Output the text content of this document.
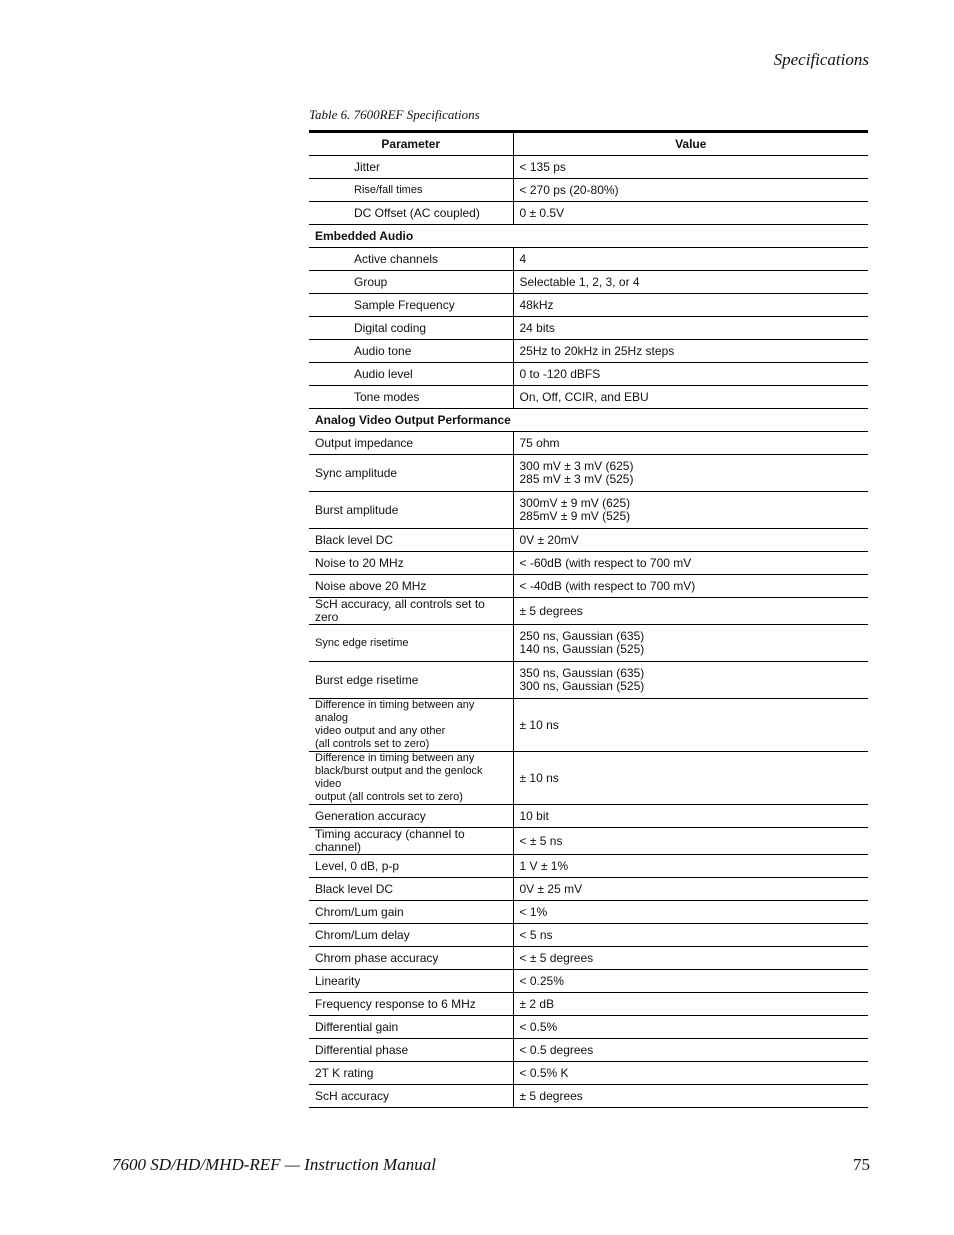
Specifications
Table 6. 7600REF Specifications
Parameter	Value
Jitter	< 135 ps
Rise/fall times	< 270 ps (20-80%)
DC Offset (AC coupled)	0 ± 0.5V
Embedded Audio	
Active channels	4
Group	Selectable 1, 2, 3, or 4
Sample Frequency	48kHz
Digital coding	24 bits
Audio tone	25Hz to 20kHz in 25Hz steps
Audio level	0 to -120 dBFS
Tone modes	On, Off, CCIR, and EBU
Analog Video Output Performance	
Output impedance	75 ohm
Sync amplitude	300 mV ± 3 mV (625)
285 mV ± 3 mV (525)

Burst amplitude	300mV ± 9 mV (625)
285mV ± 9 mV (525)

Black level DC	0V ± 20mV
Noise to 20 MHz	< -60dB (with respect to 700 mV
Noise above 20 MHz	< -40dB (with respect to 700 mV)
ScH accuracy, all controls set to zero	± 5 degrees
Sync edge risetime	250 ns, Gaussian (635)
140 ns, Gaussian (525)

Burst edge risetime	350 ns, Gaussian (635)
300 ns, Gaussian (525)

Difference in timing between any analog
video output and any other
(all controls set to zero)	± 10 ns

Difference in timing between any
black/burst output and the genlock video
output (all controls set to zero)	± 10 ns
Generation accuracy	10 bit
Timing accuracy (channel to channel)	< ± 5 ns
Level, 0 dB, p-p	1 V ± 1%
Black level DC	0V ± 25 mV
Chrom/Lum gain	< 1%
Chrom/Lum delay	< 5 ns
Chrom phase accuracy	< ± 5 degrees
Linearity	< 0.25%
Frequency response to 6 MHz	± 2 dB
Differential gain	< 0.5%
Differential phase	< 0.5 degrees
2T K rating	< 0.5% K
ScH accuracy	± 5 degrees
7600 SD/HD/MHD-REF — Instruction Manual	75
